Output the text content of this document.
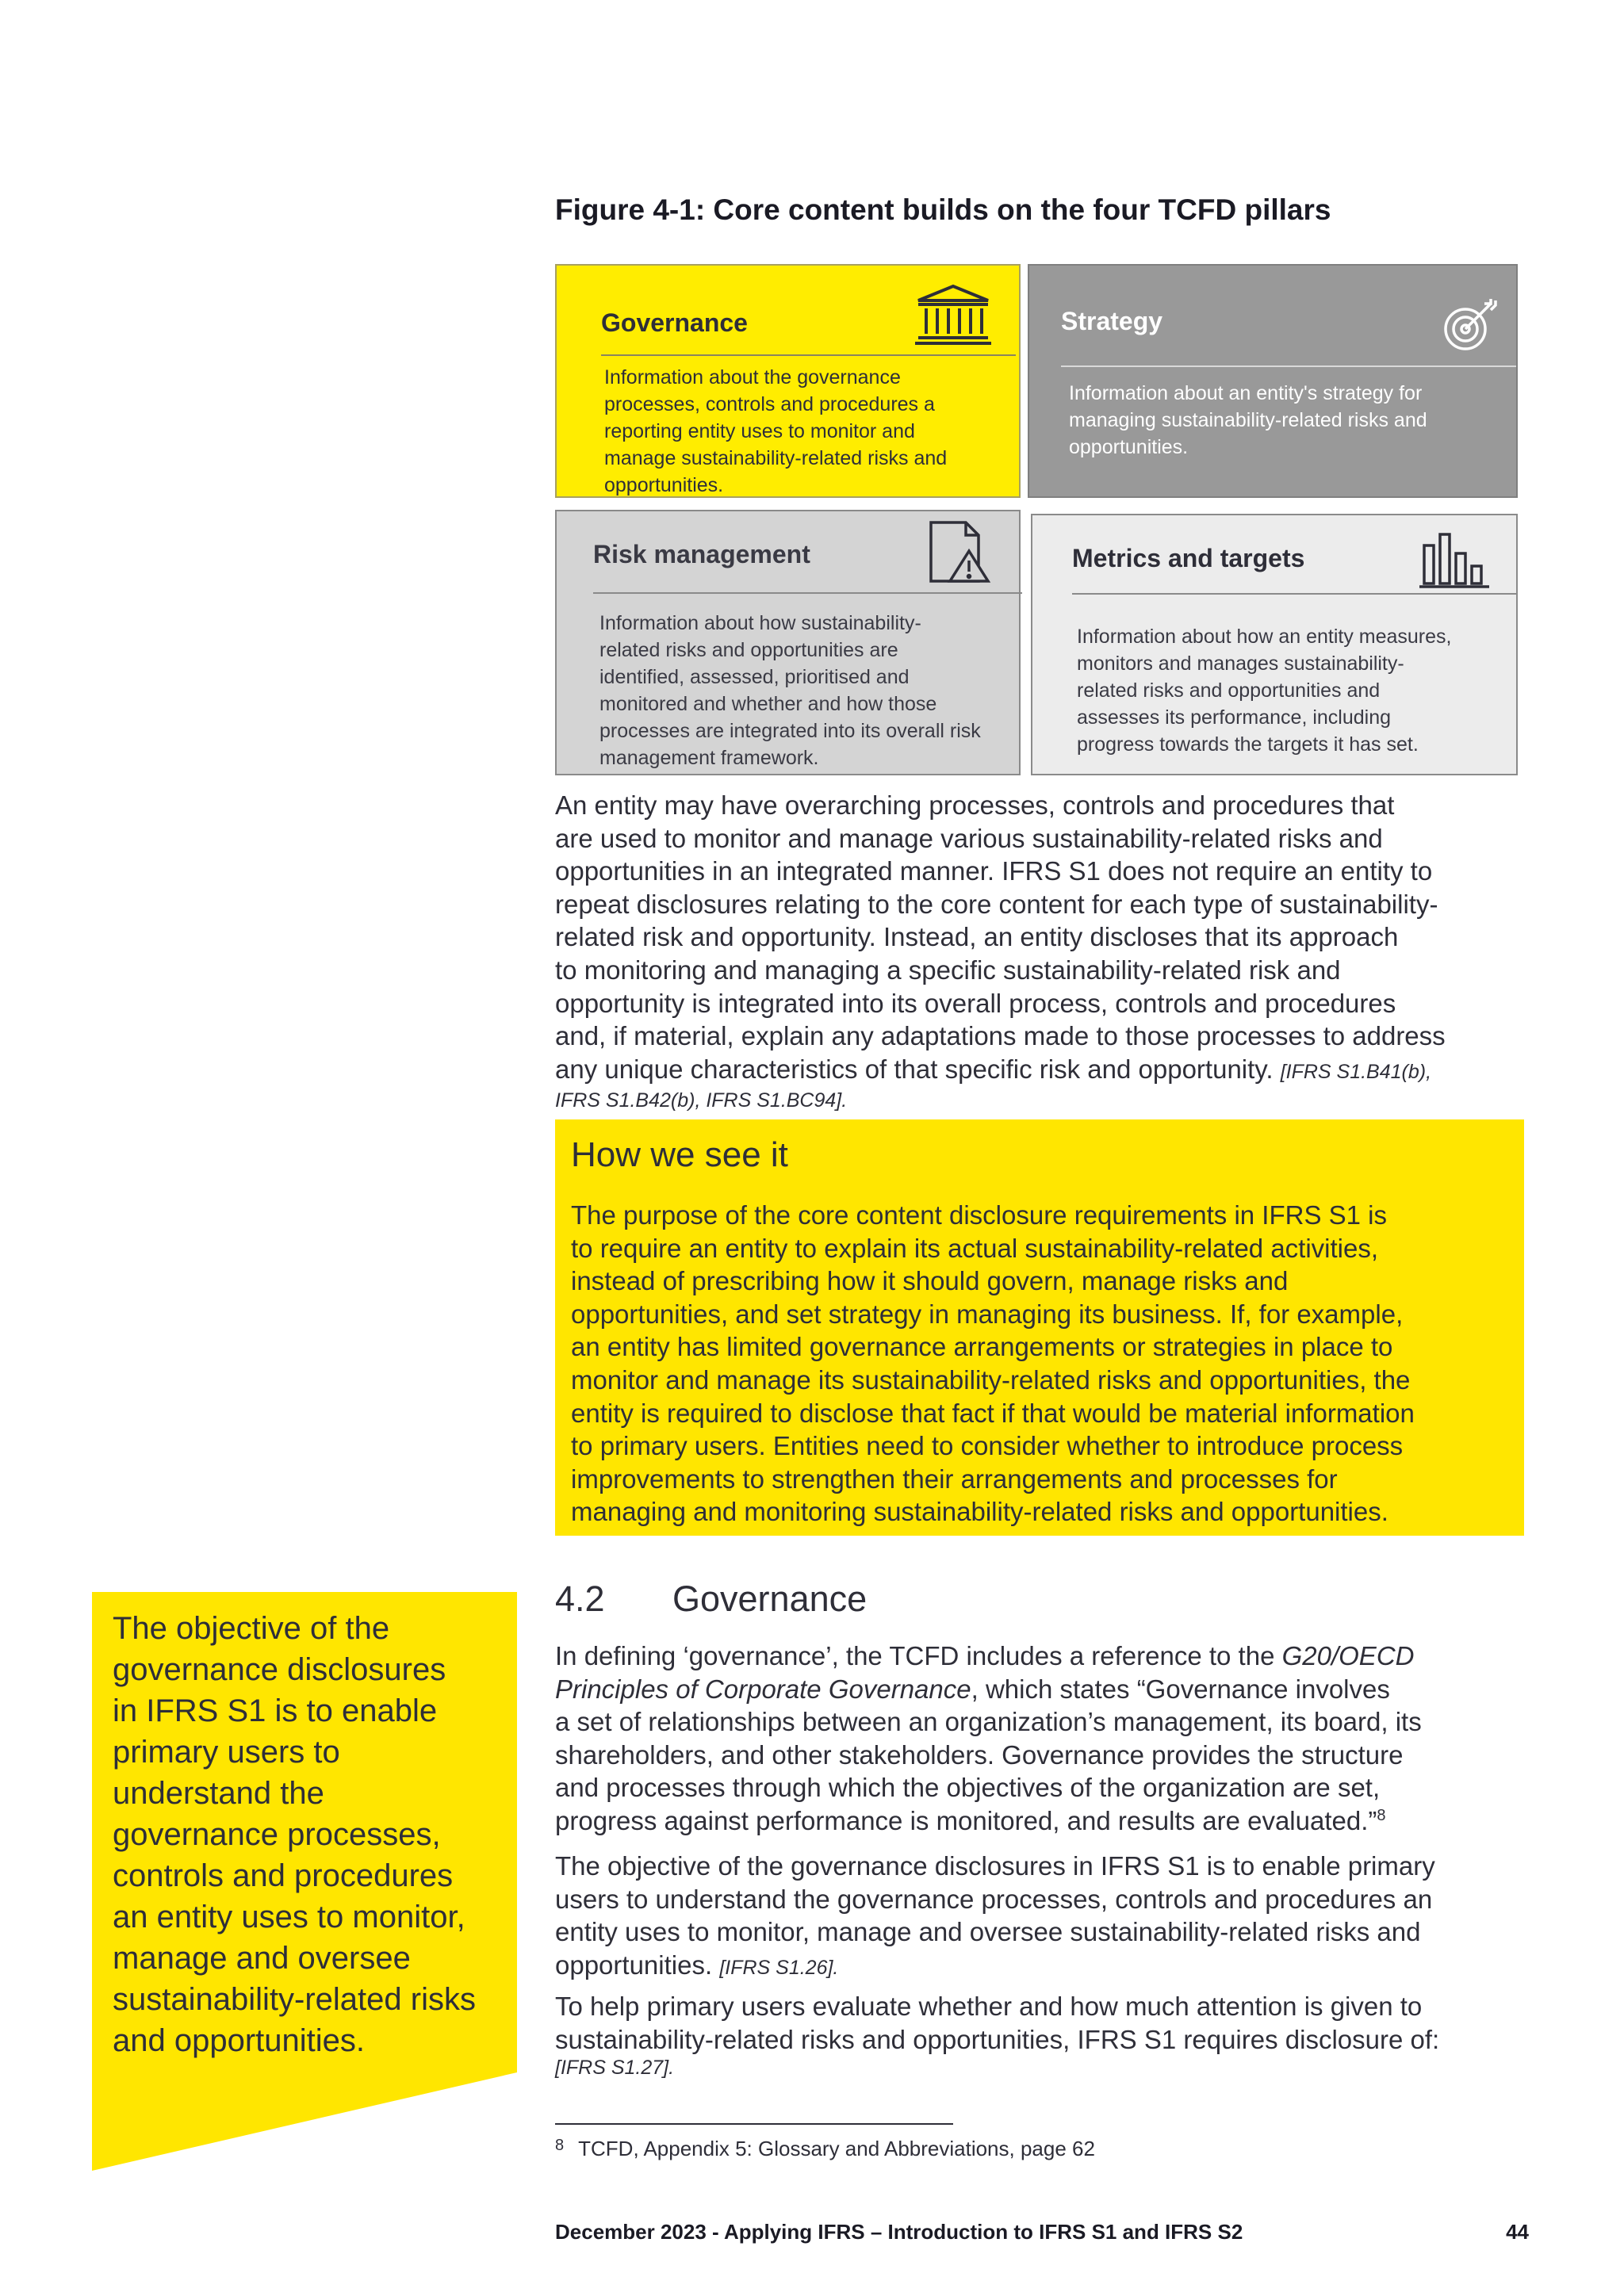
Figure 4-1: Core content builds on the four TCFD pillars
Governance
Information about the governance
processes, controls and procedures a
reporting entity uses to monitor and
manage sustainability-related risks and
opportunities.
Strategy
Information about an entity's strategy for
managing sustainability-related risks and
opportunities.
Risk management
Information about how sustainability-
related risks and opportunities are
identified, assessed, prioritised and
monitored and whether and how those
processes are integrated into its overall risk
management framework.
Metrics and targets
Information about how an entity measures,
monitors and manages sustainability-
related risks and opportunities and
assesses its performance, including
progress towards the targets it has set.
An entity may have overarching processes, controls and procedures that
are used to monitor and manage various sustainability-related risks and
opportunities in an integrated manner. IFRS S1 does not require an entity to
repeat disclosures relating to the core content for each type of sustainability-
related risk and opportunity. Instead, an entity discloses that its approach
to monitoring and managing a specific sustainability-related risk and
opportunity is integrated into its overall process, controls and procedures
and, if material, explain any adaptations made to those processes to address
any unique characteristics of that specific risk and opportunity. [IFRS S1.B41(b),
IFRS S1.B42(b), IFRS S1.BC94].
How we see it
The purpose of the core content disclosure requirements in IFRS S1 is
to require an entity to explain its actual sustainability-related activities,
instead of prescribing how it should govern, manage risks and
opportunities, and set strategy in managing its business. If, for example,
an entity has limited governance arrangements or strategies in place to
monitor and manage its sustainability-related risks and opportunities, the
entity is required to disclose that fact if that would be material information
to primary users. Entities need to consider whether to introduce process
improvements to strengthen their arrangements and processes for
managing and monitoring sustainability-related risks and opportunities.
The objective of the
governance disclosures
in IFRS S1 is to enable
primary users to
understand the
governance processes,
controls and procedures
an entity uses to monitor,
manage and oversee
sustainability-related risks
and opportunities.
4.2 Governance
In defining ‘governance’, the TCFD includes a reference to the G20/OECD
Principles of Corporate Governance, which states “Governance involves
a set of relationships between an organization’s management, its board, its
shareholders, and other stakeholders. Governance provides the structure
and processes through which the objectives of the organization are set,
progress against performance is monitored, and results are evaluated.”$^8$
The objective of the governance disclosures in IFRS S1 is to enable primary
users to understand the governance processes, controls and procedures an
entity uses to monitor, manage and oversee sustainability-related risks and
opportunities. [IFRS S1.26].
To help primary users evaluate whether and how much attention is given to
sustainability-related risks and opportunities, IFRS S1 requires disclosure of:
[IFRS S1.27].
$^8$ TCFD, Appendix 5: Glossary and Abbreviations, page 62
December 2023 - Applying IFRS – Introduction to IFRS S1 and IFRS S2	44
